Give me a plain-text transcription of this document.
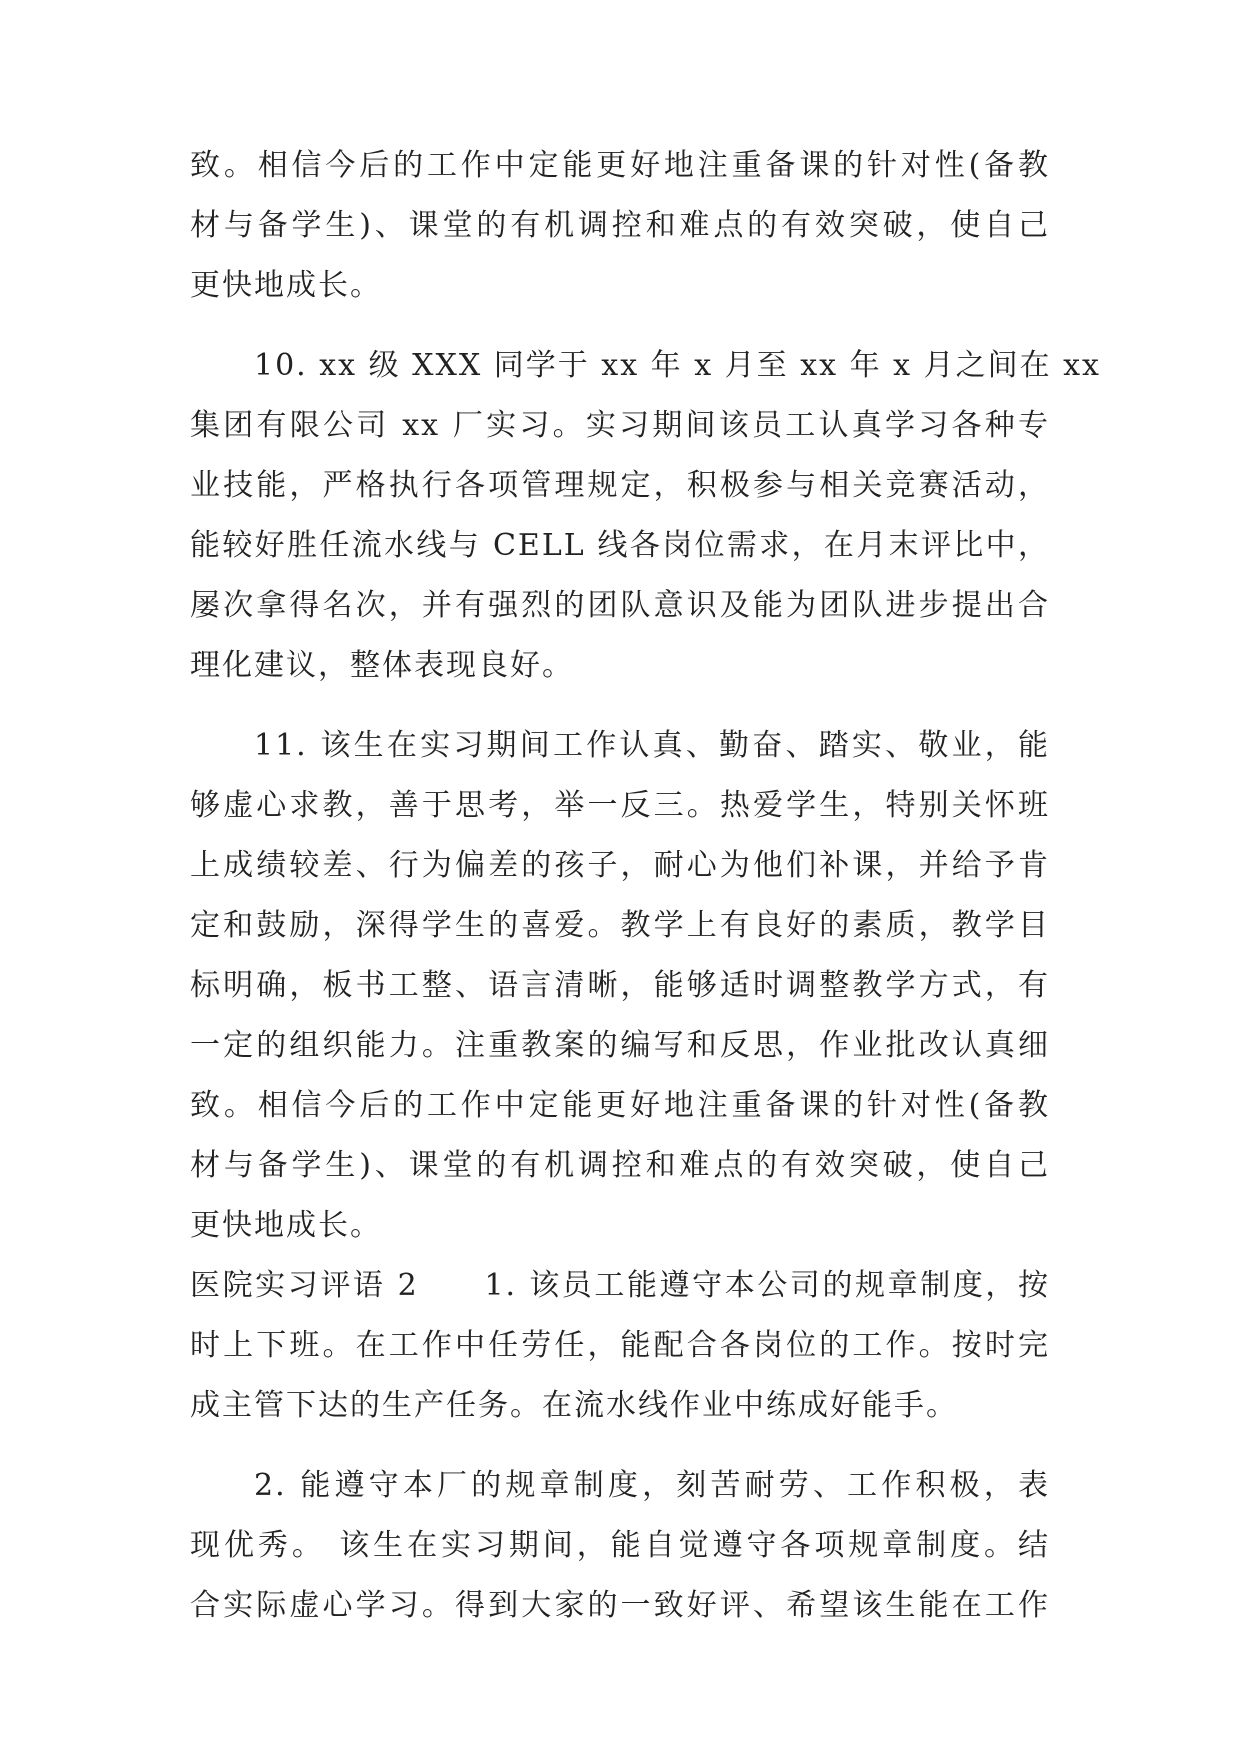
致。相信今后的工作中定能更好地注重备课的针对性(备教
材与备学生)、课堂的有机调控和难点的有效突破，使自己
更快地成长。
10. xx 级 XXX 同学于 xx 年 x 月至 xx 年 x 月之间在 xx
集团有限公司 xx 厂实习。实习期间该员工认真学习各种专
业技能，严格执行各项管理规定，积极参与相关竞赛活动，
能较好胜任流水线与 CELL 线各岗位需求，在月末评比中，
屡次拿得名次，并有强烈的团队意识及能为团队进步提出合
理化建议，整体表现良好。
11. 该生在实习期间工作认真、勤奋、踏实、敬业，能
够虚心求教，善于思考，举一反三。热爱学生，特别关怀班
上成绩较差、行为偏差的孩子，耐心为他们补课，并给予肯
定和鼓励，深得学生的喜爱。教学上有良好的素质，教学目
标明确，板书工整、语言清晰，能够适时调整教学方式，有
一定的组织能力。注重教案的编写和反思，作业批改认真细
致。相信今后的工作中定能更好地注重备课的针对性(备教
材与备学生)、课堂的有机调控和难点的有效突破，使自己
更快地成长。
医院实习评语 2　　1. 该员工能遵守本公司的规章制度，按
时上下班。在工作中任劳任，能配合各岗位的工作。按时完
成主管下达的生产任务。在流水线作业中练成好能手。
2. 能遵守本厂的规章制度，刻苦耐劳、工作积极，表
现优秀。 该生在实习期间，能自觉遵守各项规章制度。结
合实际虚心学习。得到大家的一致好评、希望该生能在工作
